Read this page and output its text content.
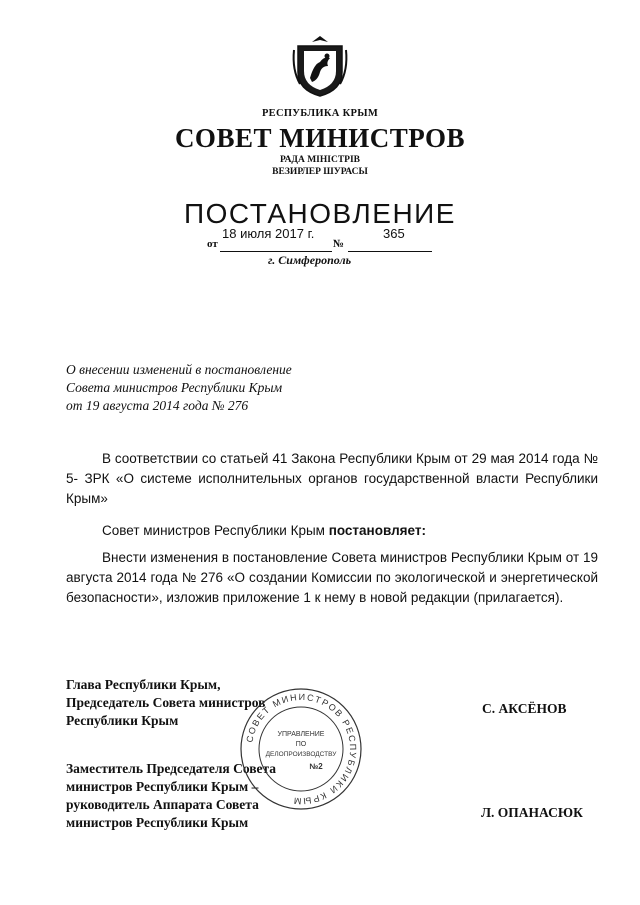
РЕСПУБЛИКА КРЫМ
СОВЕТ МИНИСТРОВ
РАДА МІНІСТРІВ
ВЕЗИРЛЕР ШУРАСЫ
ПОСТАНОВЛЕНИЕ
18 июля 2017 г.	365
от	№
г. Симферополь
О внесении изменений в постановление
Совета министров Республики Крым
от 19 августа 2014 года № 276
В соответствии со статьей 41 Закона Республики Крым от 29 мая 2014 года № 5- ЗРК «О системе исполнительных органов государственной власти Республики Крым»
Совет министров Республики Крым постановляет:
Внести изменения в постановление Совета министров Республики Крым от 19 августа 2014 года № 276 «О создании Комиссии по экологической и энергетической безопасности», изложив приложение 1 к нему в новой редакции (прилагается).
Глава Республики Крым,
Председатель Совета министров
Республики Крым
С. АКСЁНОВ
Заместитель Председателя Совета
министров Республики Крым –
руководитель Аппарата Совета
министров Республики Крым
Л. ОПАНАСЮК
СОВЕТ МИНИСТРОВ РЕСПУБЛИКИ КРЫМ
УПРАВЛЕНИЕ
ПО
ДЕЛОПРОИЗВОДСТВУ
№2
